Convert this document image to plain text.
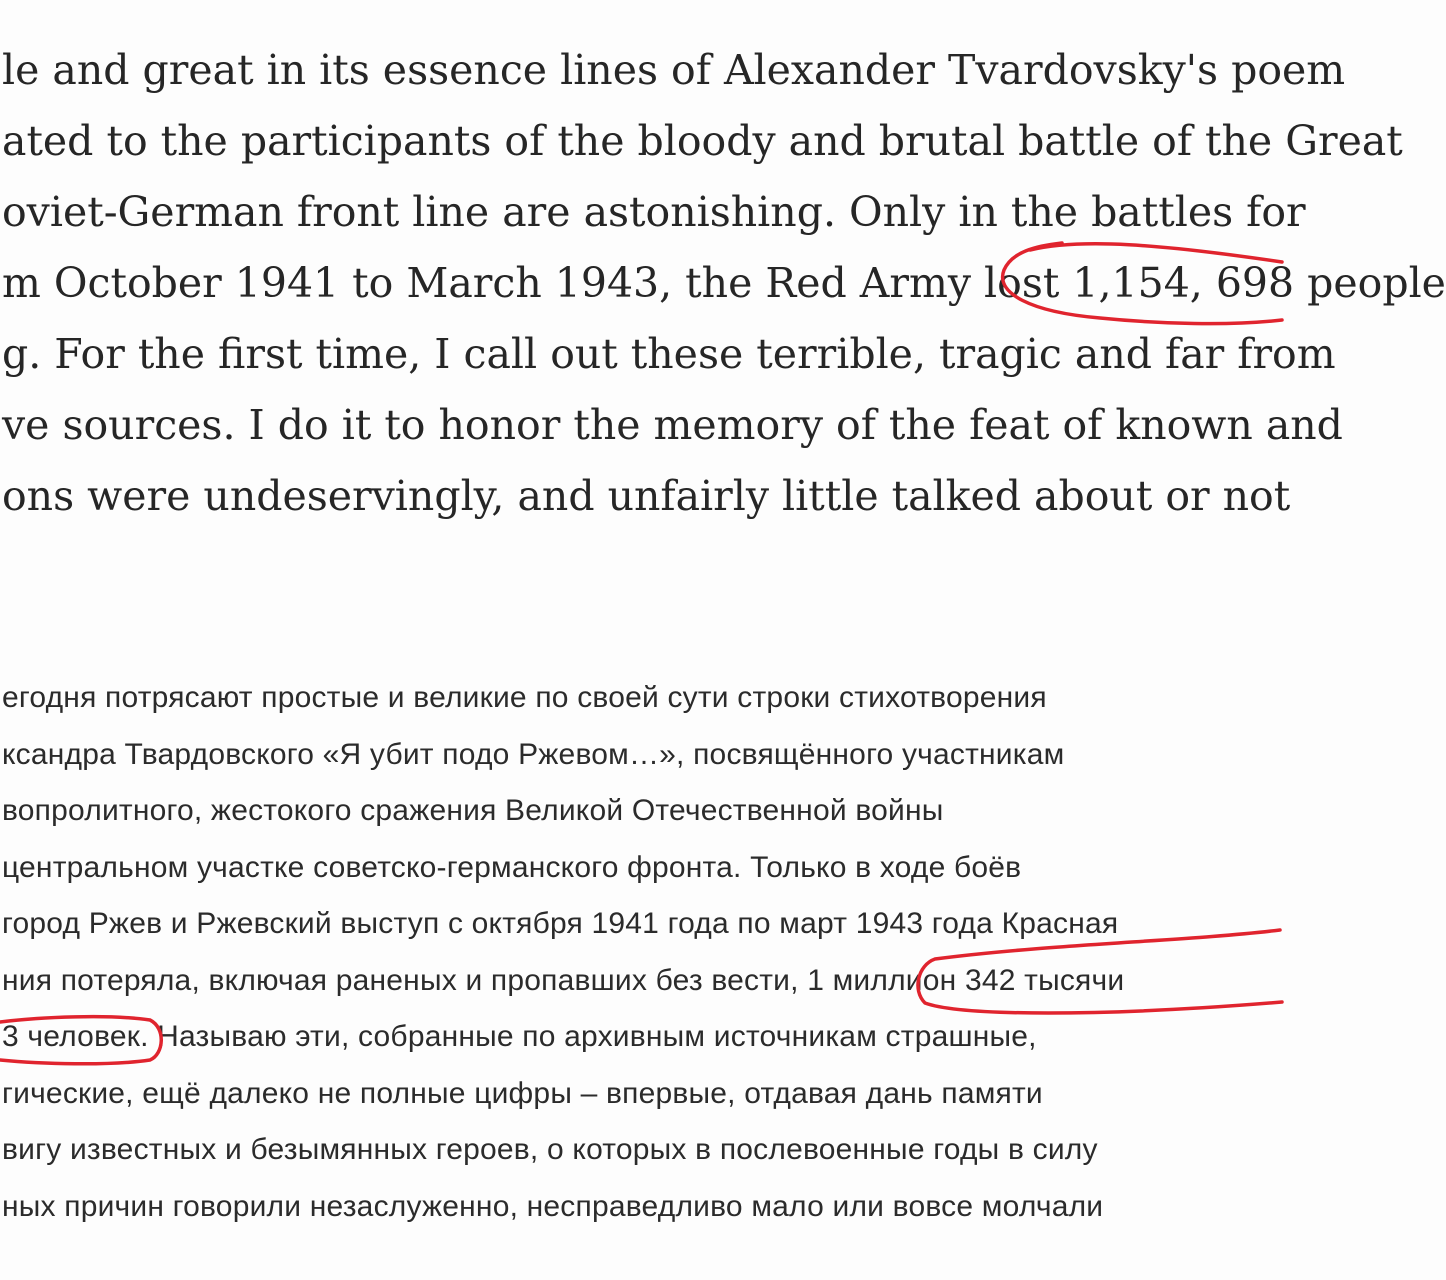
le and great in its essence lines of Alexander Tvardovsky's poem
ated to the participants of the bloody and brutal battle of the Great
oviet-German front line are astonishing. Only in the battles for
m October 1941 to March 1943, the Red Army lost 1,154, 698 people
g. For the first time, I call out these terrible, tragic and far from
ve sources. I do it to honor the memory of the feat of known and
ons were undeservingly, and unfairly little talked about or not
егодня потрясают простые и великие по своей сути строки стихотворения
ксандра Твардовского «Я убит подо Ржевом…», посвящённого участникам
вопролитного, жестокого сражения Великой Отечественной войны
центральном участке советско-германского фронта. Только в ходе боёв
город Ржев и Ржевский выступ с октября 1941 года по март 1943 года Красная
ния потеряла, включая раненых и пропавших без вести, 1 миллион 342 тысячи
3 человек. Называю эти, собранные по архивным источникам страшные,
гические, ещё далеко не полные цифры – впервые, отдавая дань памяти
вигу известных и безымянных героев, о которых в послевоенные годы в силу
ных причин говорили незаслуженно, несправедливо мало или вовсе молчали
